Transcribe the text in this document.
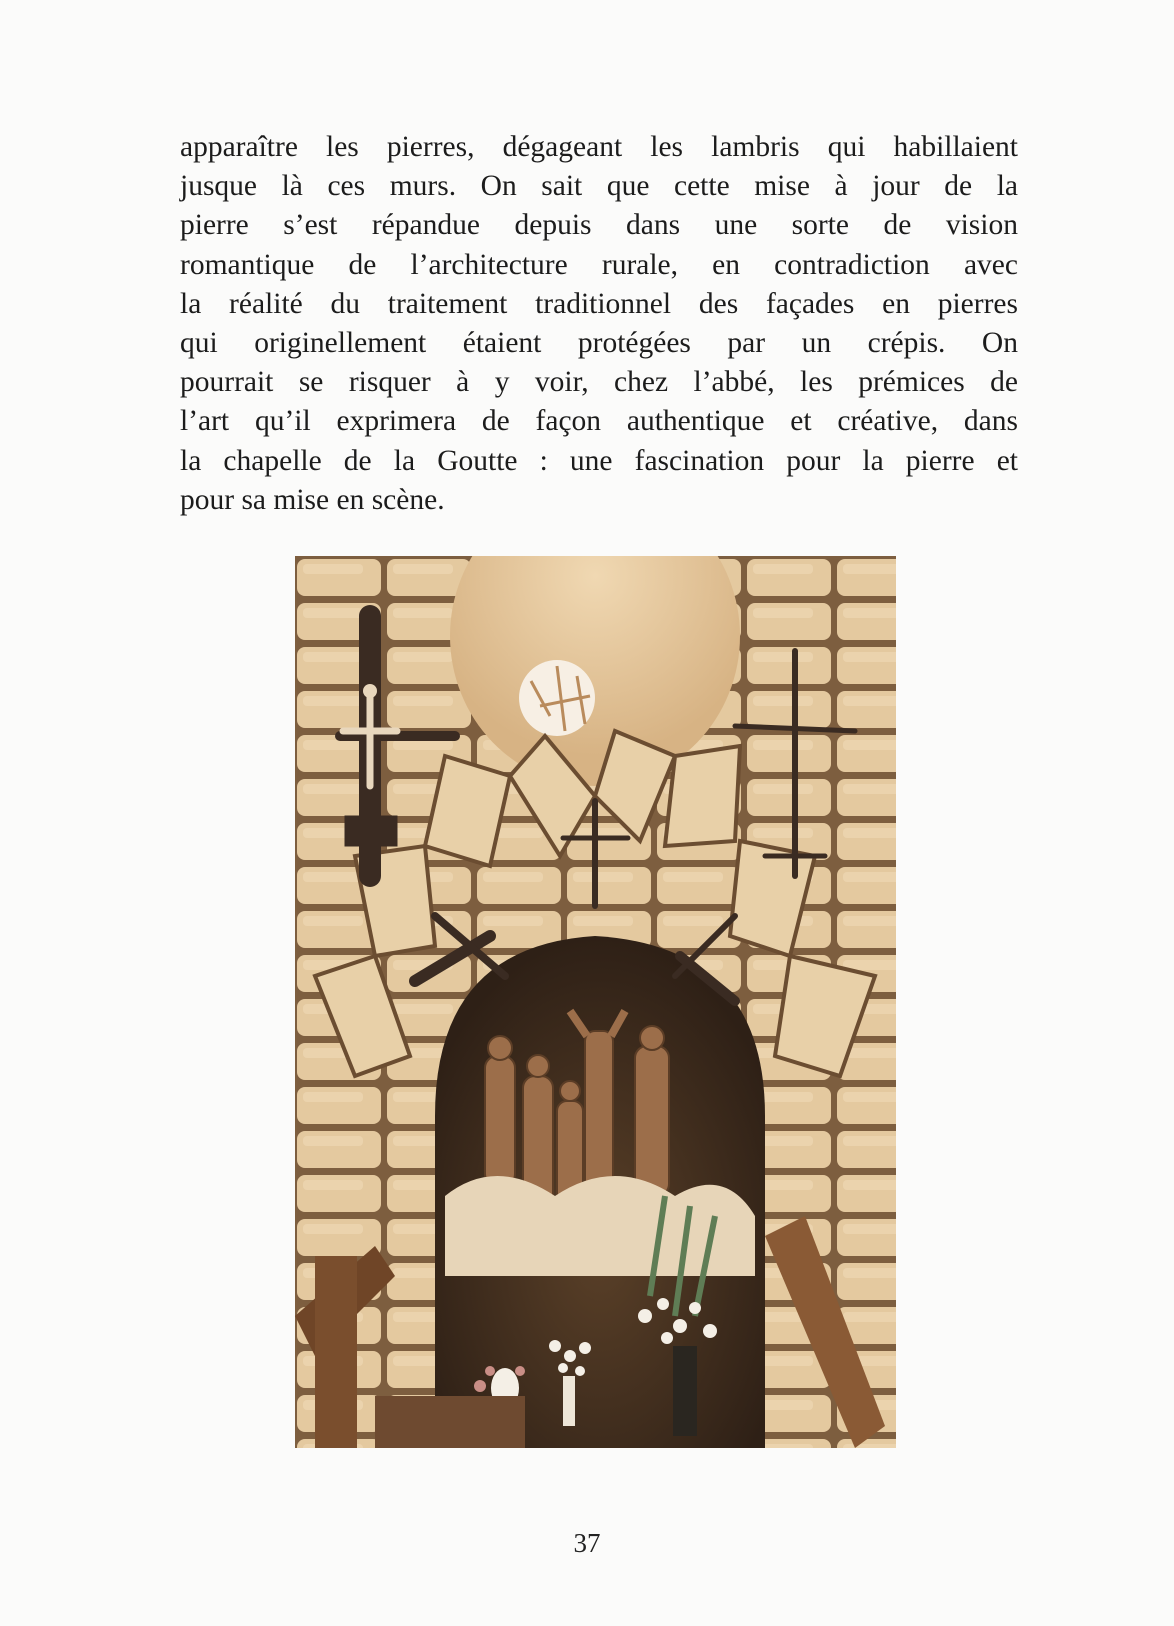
apparaître les pierres, dégageant les lambris qui habillaient
jusque là ces murs. On sait que cette mise à jour de la
pierre s’est répandue depuis dans une sorte de vision
romantique de l’architecture rurale, en contradiction avec
la réalité du traitement traditionnel des façades en pierres
qui originellement étaient protégées par un crépis. On
pourrait se risquer à y voir, chez l’abbé, les prémices de
l’art qu’il exprimera de façon authentique et créative, dans
la chapelle de la Goutte : une fascination pour la pierre et
pour sa mise en scène.
37
